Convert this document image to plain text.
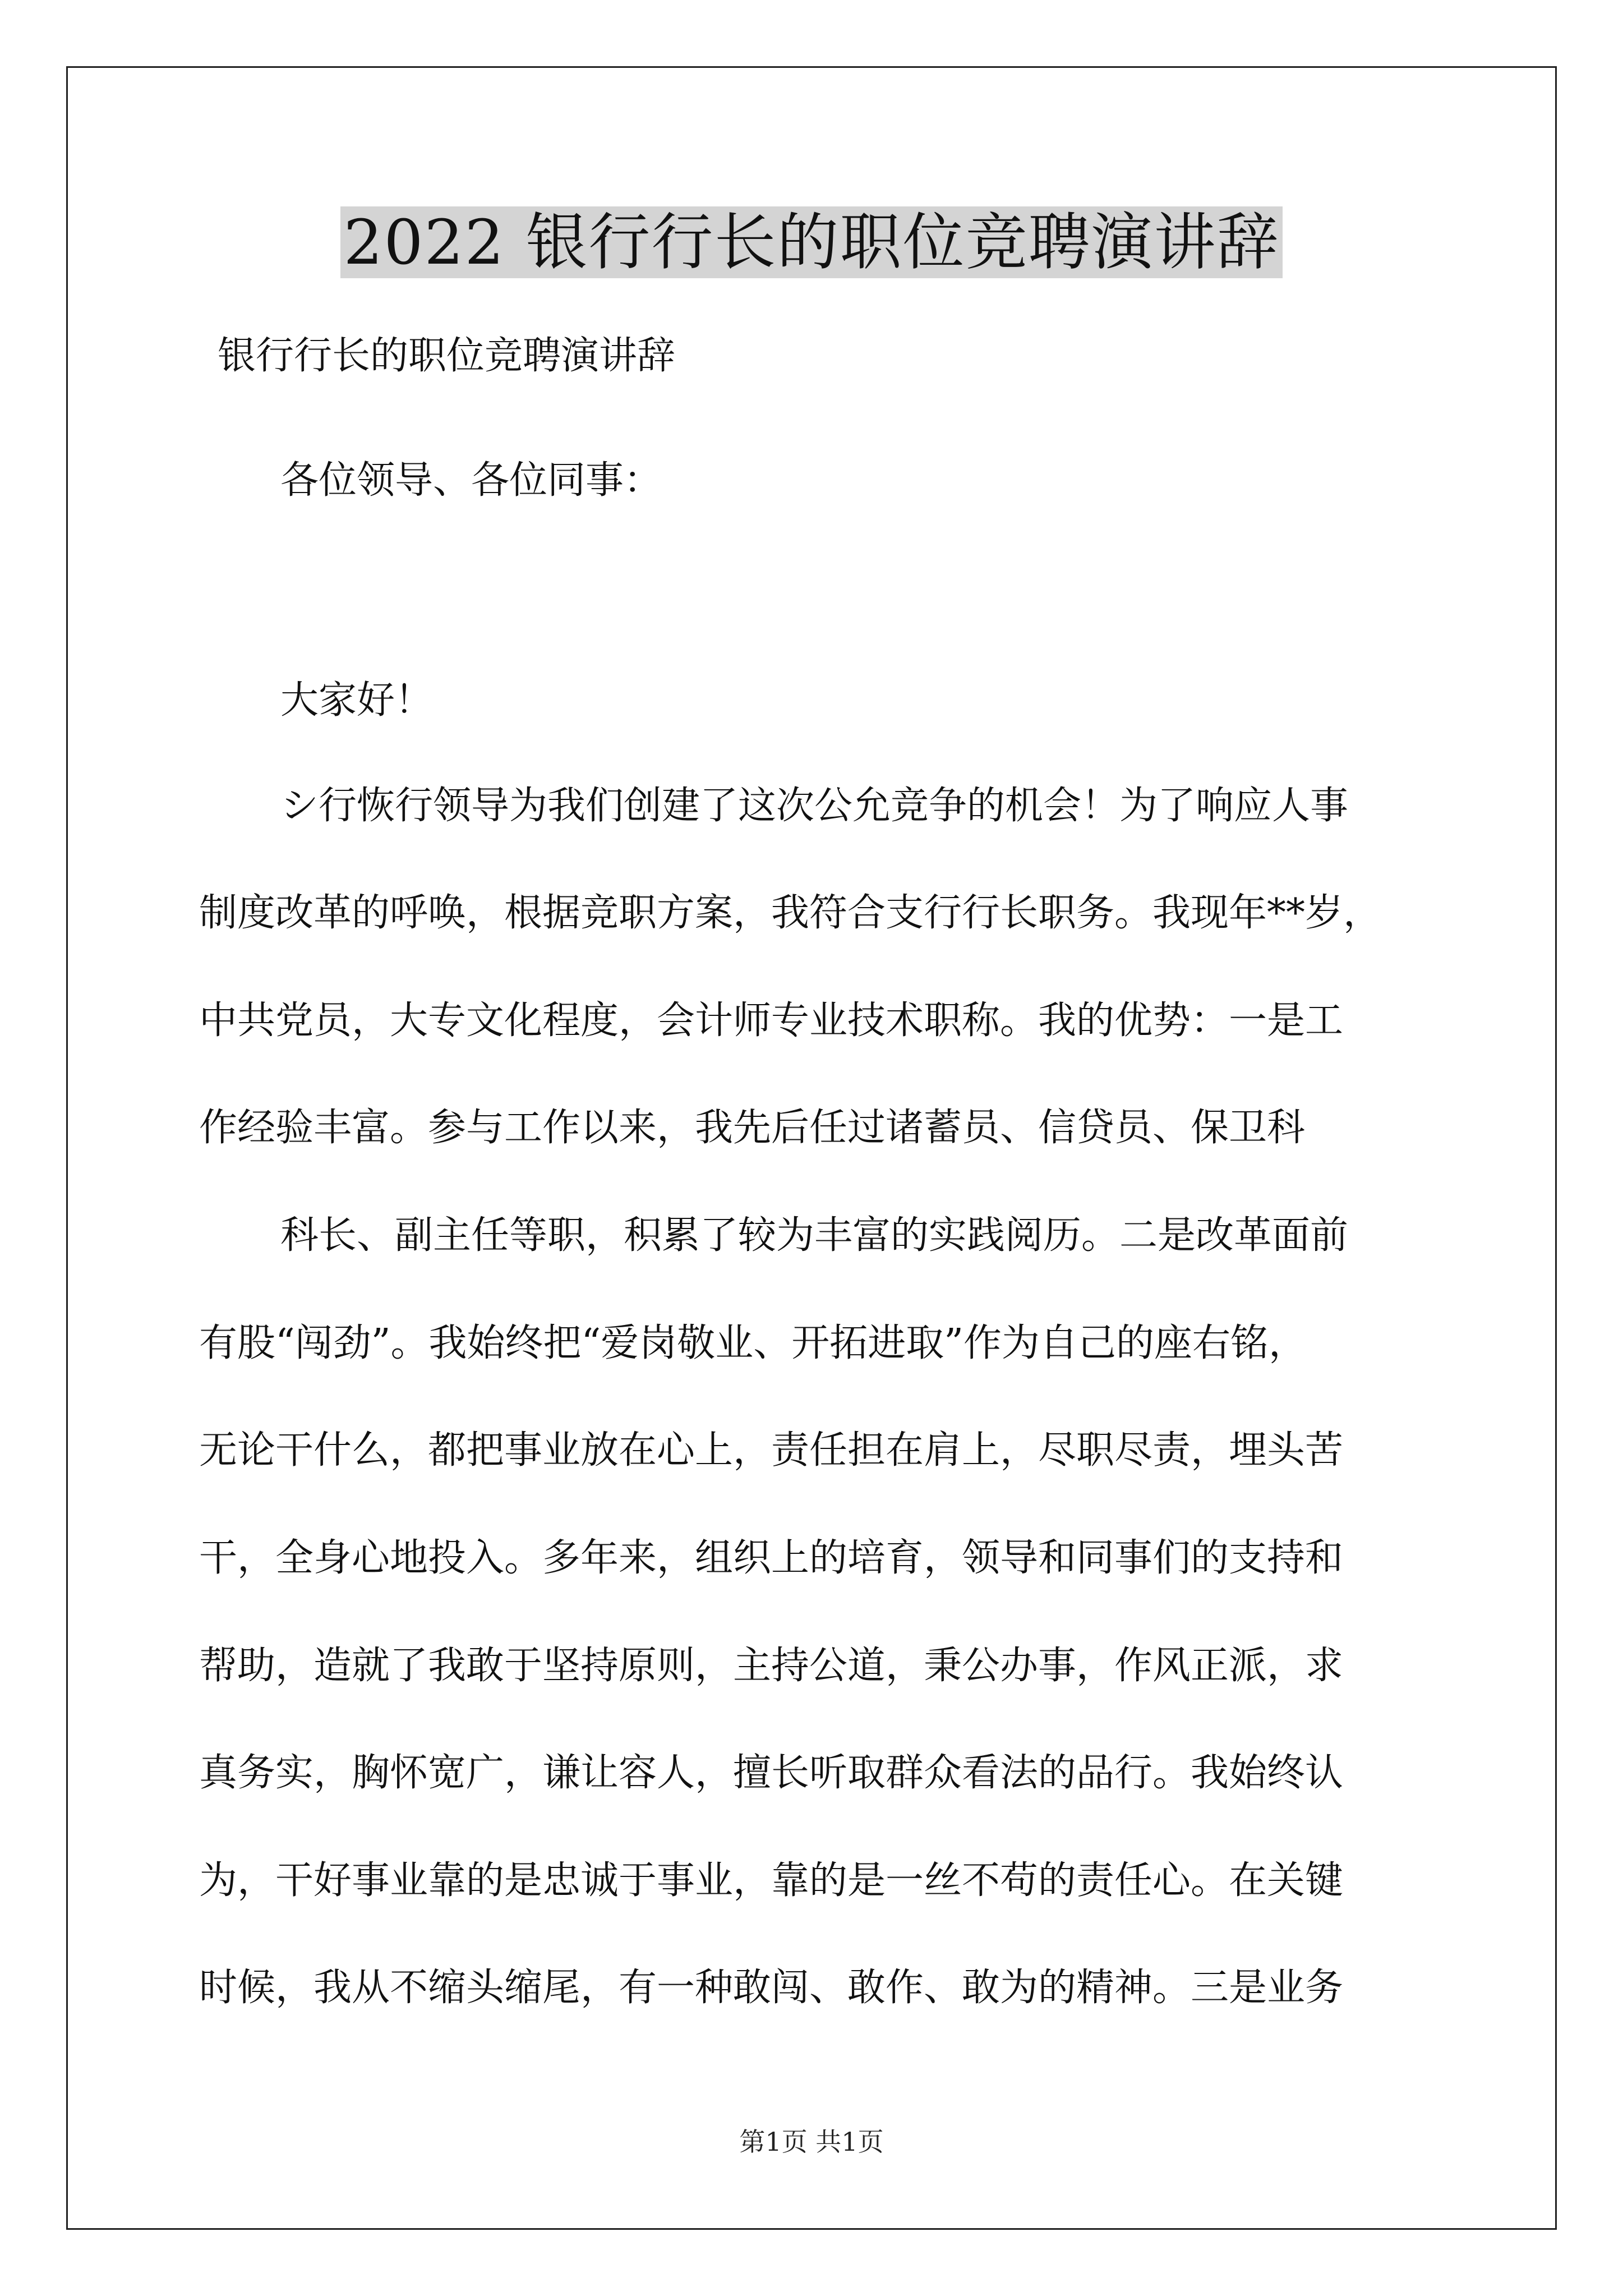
2022 银行行长的职位竞聘演讲辞
银行行长的职位竞聘演讲辞
各位领导、各位同事：
大家好！
シ行恢行领导为我们创建了这次公允竞争的机会！为了响应人事
制度改革的呼唤，根据竞职方案，我符合支行行长职务。我现年**岁，
中共党员，大专文化程度，会计师专业技术职称。我的优势：一是工
作经验丰富。参与工作以来，我先后任过诸蓄员、信贷员、保卫科
科长、副主任等职，积累了较为丰富的实践阅历。二是改革面前
有股“闯劲”。我始终把“爱岗敬业、开拓进取”作为自己的座右铭，
无论干什么，都把事业放在心上，责任担在肩上，尽职尽责，埋头苦
干，全身心地投入。多年来，组织上的培育，领导和同事们的支持和
帮助，造就了我敢于坚持原则，主持公道，秉公办事，作风正派，求
真务实，胸怀宽广，谦让容人，擅长听取群众看法的品行。我始终认
为，干好事业靠的是忠诚于事业，靠的是一丝不苟的责任心。在关键
时候，我从不缩头缩尾，有一种敢闯、敢作、敢为的精神。三是业务
第1页 共1页
